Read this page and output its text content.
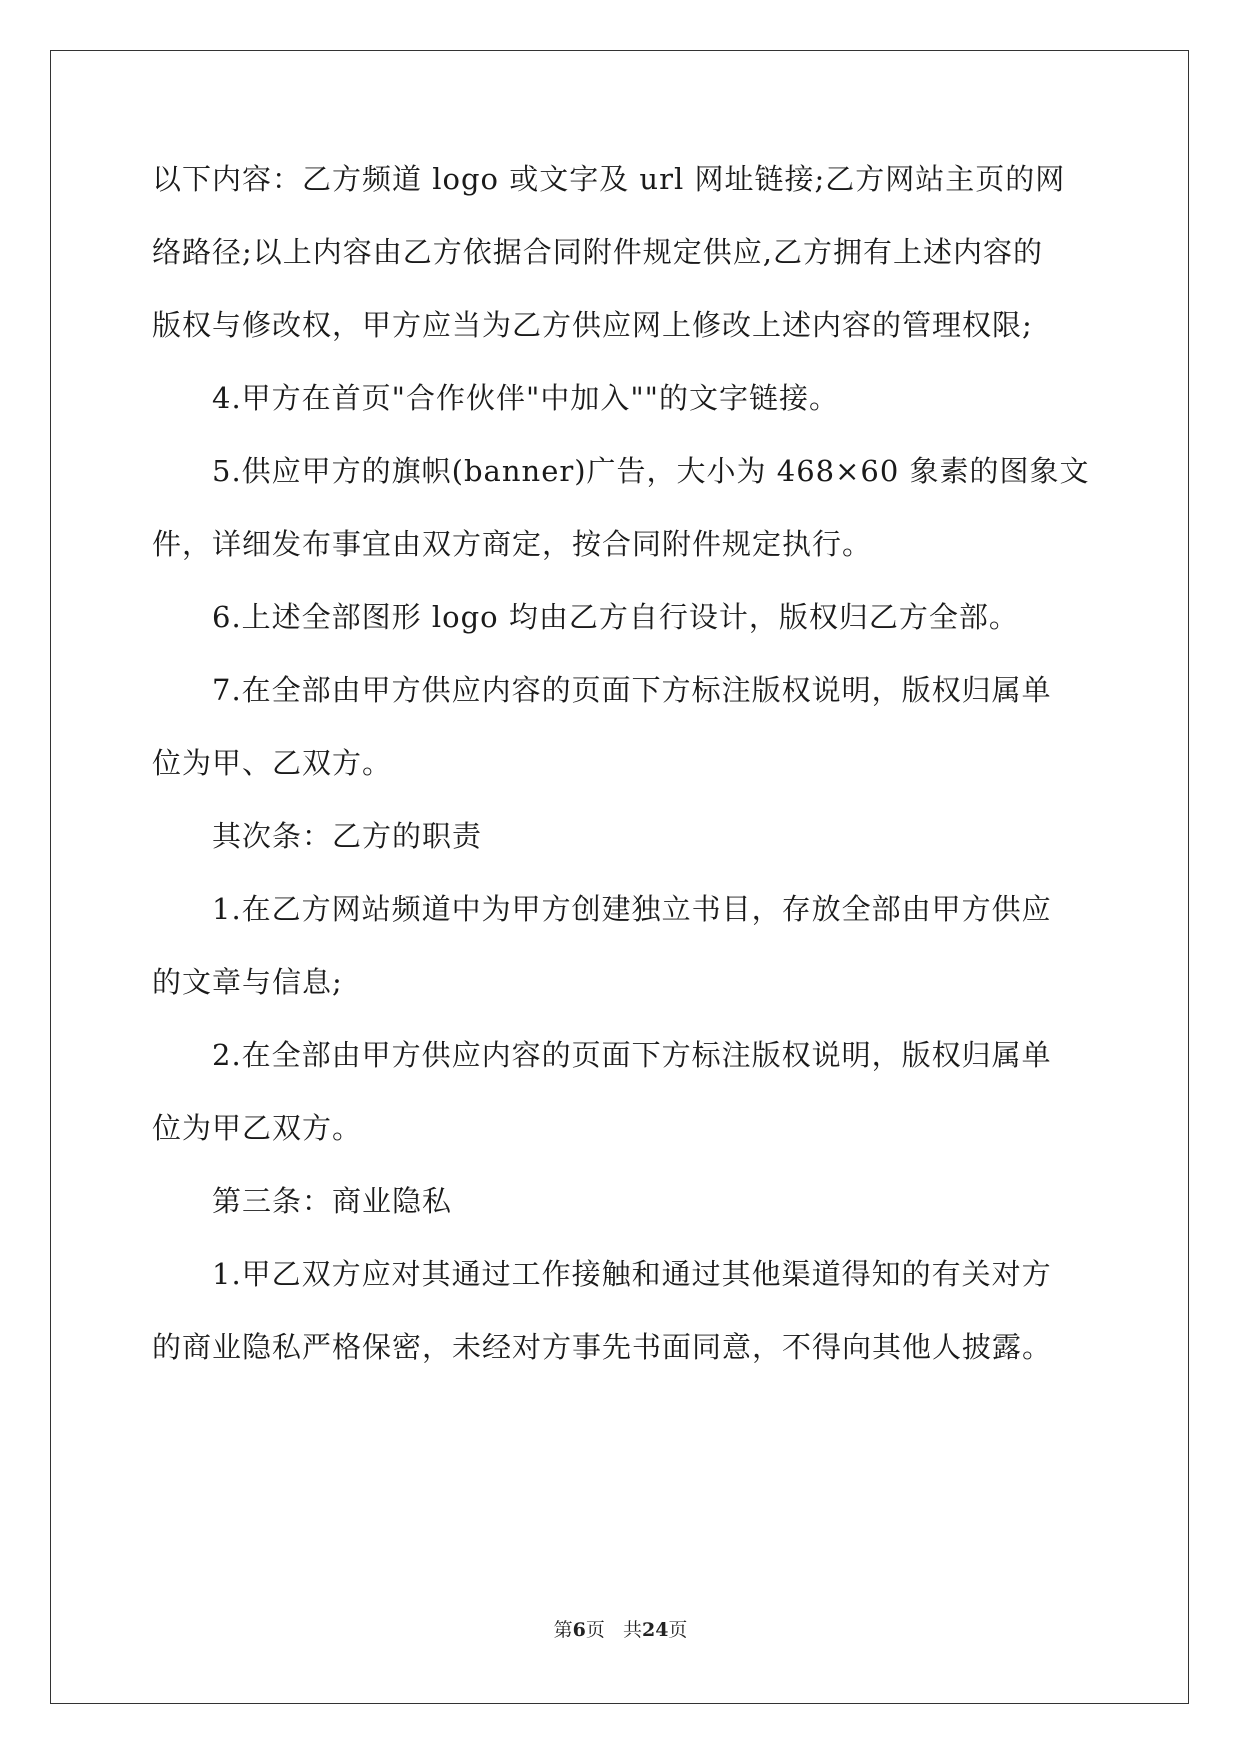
以下内容：乙方频道 logo 或文字及 url 网址链接;乙方网站主页的网
络路径;以上内容由乙方依据合同附件规定供应,乙方拥有上述内容的
版权与修改权，甲方应当为乙方供应网上修改上述内容的管理权限;
4.甲方在首页"合作伙伴"中加入""的文字链接。
5.供应甲方的旗帜(banner)广告，大小为 468×60 象素的图象文
件，详细发布事宜由双方商定，按合同附件规定执行。
6.上述全部图形 logo 均由乙方自行设计，版权归乙方全部。
7.在全部由甲方供应内容的页面下方标注版权说明，版权归属单
位为甲、乙双方。
其次条：乙方的职责
1.在乙方网站频道中为甲方创建独立书目，存放全部由甲方供应
的文章与信息;
2.在全部由甲方供应内容的页面下方标注版权说明，版权归属单
位为甲乙双方。
第三条：商业隐私
1.甲乙双方应对其通过工作接触和通过其他渠道得知的有关对方
的商业隐私严格保密，未经对方事先书面同意，不得向其他人披露。
第6页 共24页
